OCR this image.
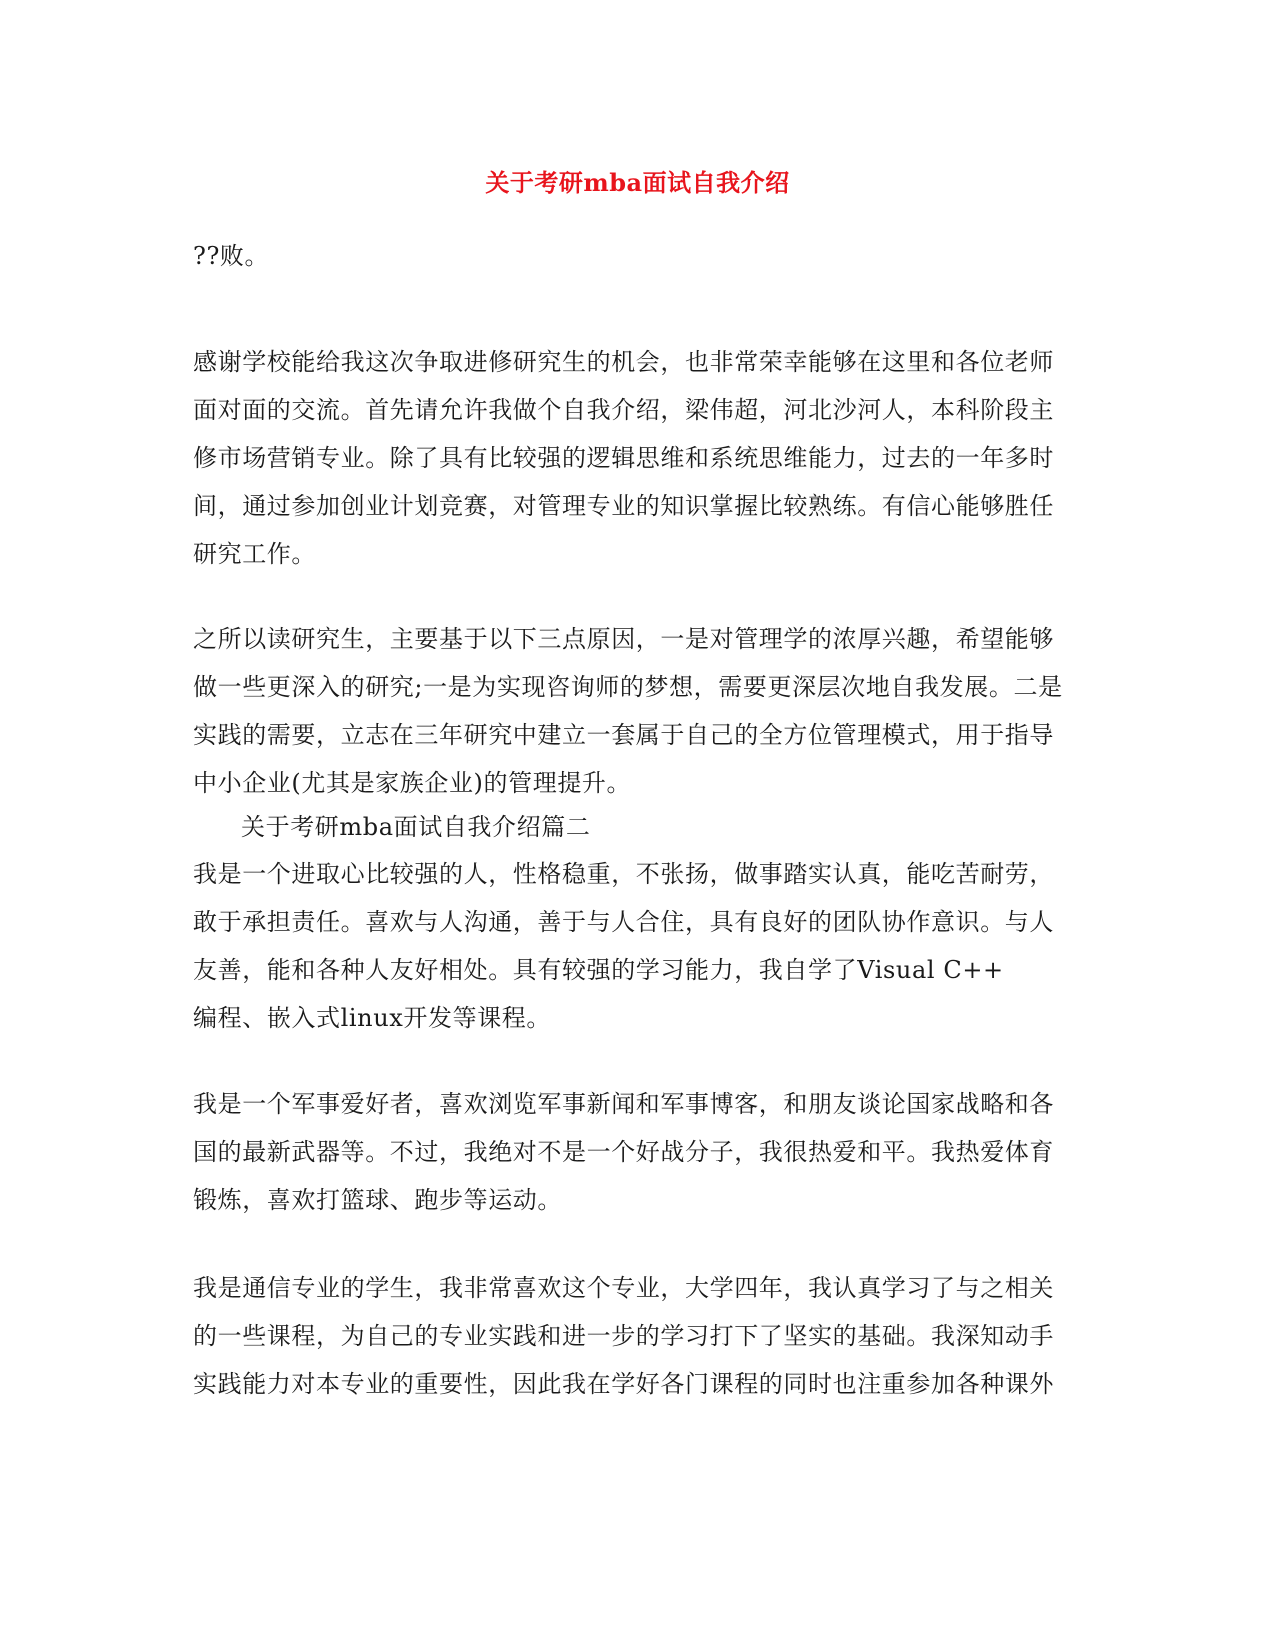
关于考研mba面试自我介绍
??败。
感谢学校能给我这次争取进修研究生的机会，也非常荣幸能够在这里和各位老师
面对面的交流。首先请允许我做个自我介绍，梁伟超，河北沙河人，本科阶段主
修市场营销专业。除了具有比较强的逻辑思维和系统思维能力，过去的一年多时
间，通过参加创业计划竞赛，对管理专业的知识掌握比较熟练。有信心能够胜任
研究工作。
之所以读研究生，主要基于以下三点原因，一是对管理学的浓厚兴趣，希望能够
做一些更深入的研究;一是为实现咨询师的梦想，需要更深层次地自我发展。二是
实践的需要，立志在三年研究中建立一套属于自己的全方位管理模式，用于指导
中小企业(尤其是家族企业)的管理提升。
关于考研mba面试自我介绍篇二
我是一个进取心比较强的人，性格稳重，不张扬，做事踏实认真，能吃苦耐劳，
敢于承担责任。喜欢与人沟通，善于与人合住，具有良好的团队协作意识。与人
友善，能和各种人友好相处。具有较强的学习能力，我自学了Visual C++
编程、嵌入式linux开发等课程。
我是一个军事爱好者，喜欢浏览军事新闻和军事博客，和朋友谈论国家战略和各
国的最新武器等。不过，我绝对不是一个好战分子，我很热爱和平。我热爱体育
锻炼，喜欢打篮球、跑步等运动。
我是通信专业的学生，我非常喜欢这个专业，大学四年，我认真学习了与之相关
的一些课程，为自己的专业实践和进一步的学习打下了坚实的基础。我深知动手
实践能力对本专业的重要性，因此我在学好各门课程的同时也注重参加各种课外
